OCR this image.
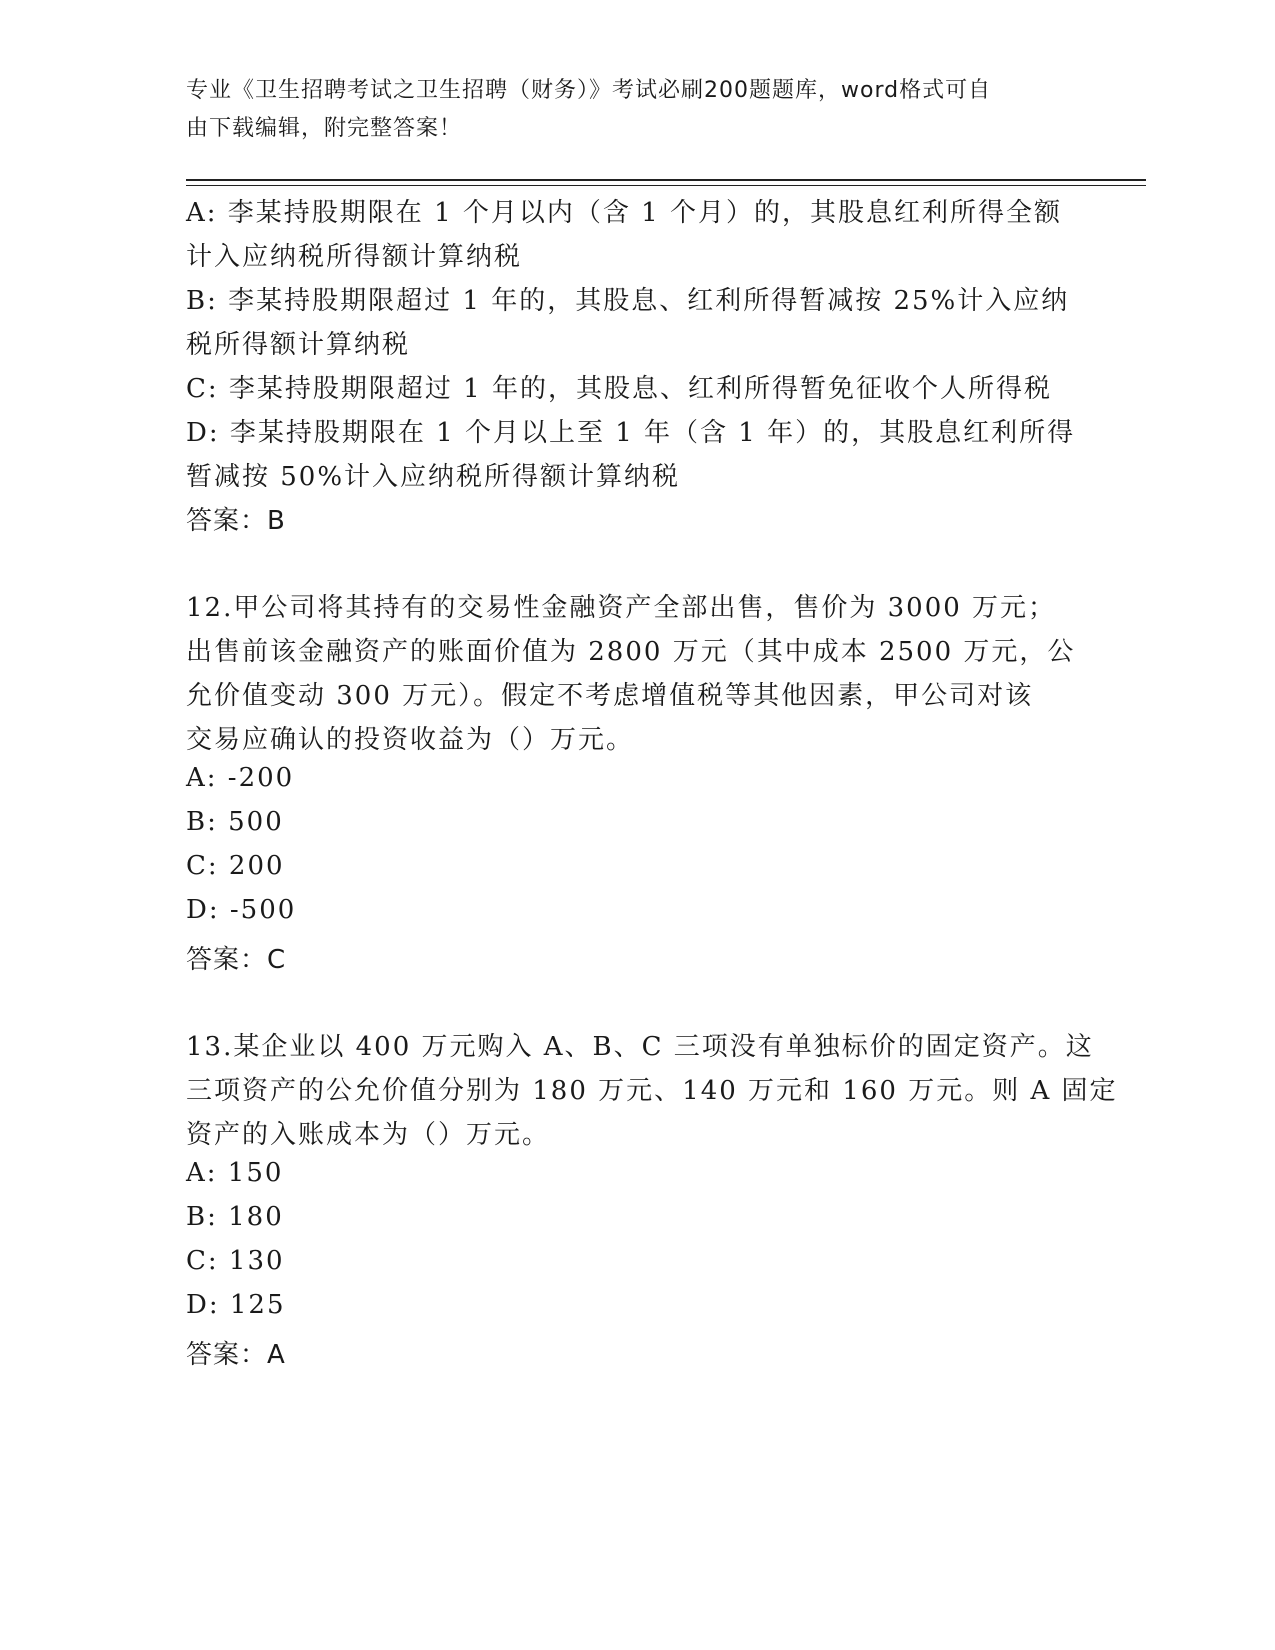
专业《卫生招聘考试之卫生招聘（财务）》考试必刷200题题库，word格式可自
由下载编辑，附完整答案！
A: 李某持股期限在 1 个月以内（含 1 个月）的，其股息红利所得全额
计入应纳税所得额计算纳税
B: 李某持股期限超过 1 年的，其股息、红利所得暂减按 25%计入应纳
税所得额计算纳税
C: 李某持股期限超过 1 年的，其股息、红利所得暂免征收个人所得税
D: 李某持股期限在 1 个月以上至 1 年（含 1 年）的，其股息红利所得
暂减按 50%计入应纳税所得额计算纳税
答案：B
12.甲公司将其持有的交易性金融资产全部出售，售价为 3000 万元；
出售前该金融资产的账面价值为 2800 万元（其中成本 2500 万元，公
允价值变动 300 万元）。假定不考虑增值税等其他因素，甲公司对该
交易应确认的投资收益为（）万元。
A: -200
B: 500
C: 200
D: -500
答案：C
13.某企业以 400 万元购入 A、B、C 三项没有单独标价的固定资产。这
三项资产的公允价值分别为 180 万元、140 万元和 160 万元。则 A 固定
资产的入账成本为（）万元。
A: 150
B: 180
C: 130
D: 125
答案：A
